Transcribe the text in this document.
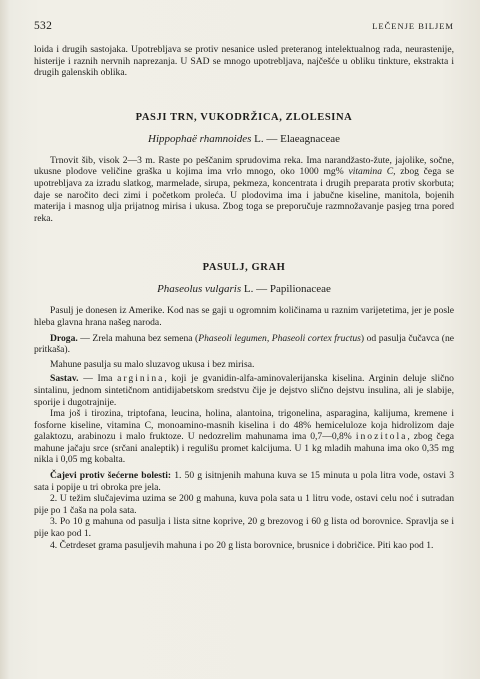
532	LEČENJE BILJEM

loida i drugih sastojaka. Upotrebljava se protiv nesanice usled preteranog intelektualnog rada, neurastenije, histerije i raznih nervnih naprezanja. U SAD se mnogo upotrebljava, najčešće u obliku tinkture, ekstrakta i drugih galenskih oblika.

PASJI TRN, VUKODRŽICA, ZLOLESINA
Hippophaë rhamnoides L. — Elaeagnaceae

Trnovit šib, visok 2—3 m. Raste po peščanim sprudovima reka. Ima narandžasto-žute, jajolike, sočne, ukusne plodove veličine graška u kojima ima vrlo mnogo, oko 1000 mg% vitamina C, zbog čega se upotrebljava za izradu slatkog, marmelade, sirupa, pekmeza, koncentrata i drugih preparata protiv skorbuta; daje se naročito deci zimi i početkom proleća. U plodovima ima i jabučne kiseline, manitola, bojenih materija i masnog ulja prijatnog mirisa i ukusa. Zbog toga se preporučuje razmnožavanje pasjeg trna pored reka.

PASULJ, GRAH
Phaseolus vulgaris L. — Papilionaceae

Pasulj je donesen iz Amerike. Kod nas se gaji u ogromnim količinama u raznim varijetetima, jer je posle hleba glavna hrana našeg naroda.

Droga. — Zrela mahuna bez semena (Phaseoli legumen, Phaseoli cortex fructus) od pasulja čučavca (ne pritkaša).

Mahune pasulja su malo sluzavog ukusa i bez mirisa.

Sastav. — Ima arginina, koji je gvanidin-alfa-aminovalerijanska kiselina. Arginin deluje slično sintalinu, jednom sintetičnom antidijabetskom sredstvu čije je dejstvo slično dejstvu insulina, ali je slabije, sporije i dugotrajnije.

Ima još i tirozina, triptofana, leucina, holina, alantoina, trigonelina, asparagina, kalijuma, kremene i fosforne kiseline, vitamina C, monoamino-masnih kiselina i do 48% hemiceluloze koja hidrolizom daje galaktozu, arabinozu i malo fruktoze. U nedozrelim mahunama ima 0,7—0,8% inozitola, zbog čega mahune jačaju srce (srčani analeptik) i regulišu promet kalcijuma. U 1 kg mladih mahuna ima oko 0,35 mg nikla i 0,05 mg kobalta.

Čajevi protiv šećerne bolesti: 1. 50 g isitnjenih mahuna kuva se 15 minuta u pola litra vode, ostavi 3 sata i popije u tri obroka pre jela.

2. U težim slučajevima uzima se 200 g mahuna, kuva pola sata u 1 litru vode, ostavi celu noć i sutradan pije po 1 čaša na pola sata.

3. Po 10 g mahuna od pasulja i lista sitne koprive, 20 g brezovog i 60 g lista od borovnice. Spravlja se i pije kao pod 1.

4. Četrdeset grama pasuljevih mahuna i po 20 g lista borovnice, brusnice i dobričice. Piti kao pod 1.
